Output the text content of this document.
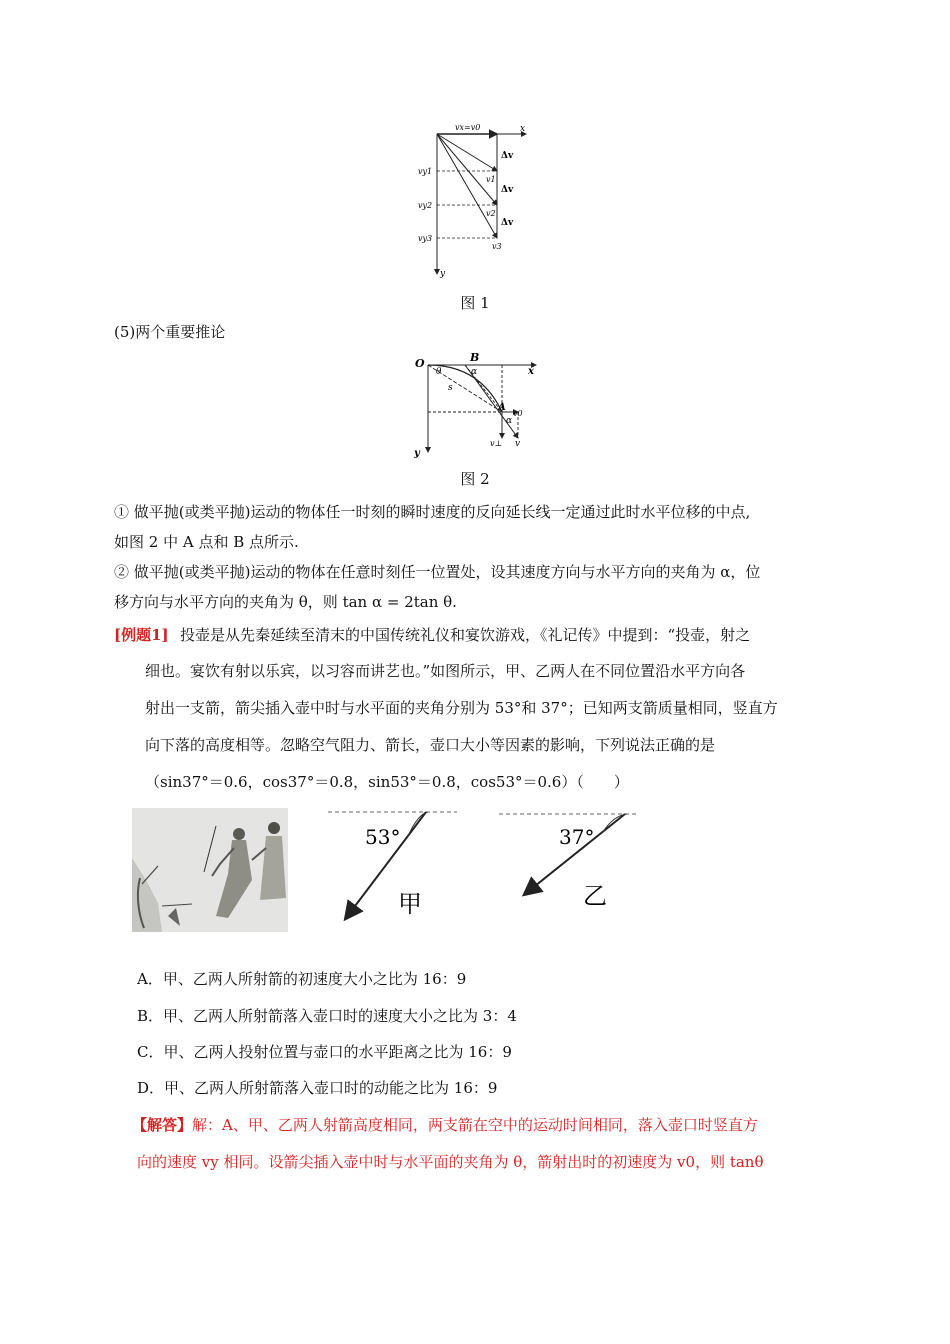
vx=v0	x
y
Δv
Δv
Δv
v1
v2
v3
vy1
vy2
vy3
图 1
(5)两个重要推论
O	B
x
y
θ	α
α
s
A
v0
v⊥ v
图 2
① 做平抛(或类平抛)运动的物体任一时刻的瞬时速度的反向延长线一定通过此时水平位移的中点,
如图 2 中 A 点和 B 点所示.
② 做平抛(或类平抛)运动的物体在任意时刻任一位置处，设其速度方向与水平方向的夹角为 α，位
移方向与水平方向的夹角为 θ，则 tan α = 2tan θ.
[例题1] 投壶是从先秦延续至清末的中国传统礼仪和宴饮游戏，《礼记传》中提到：“投壶，射之
细也。宴饮有射以乐宾，以习容而讲艺也。”如图所示，甲、乙两人在不同位置沿水平方向各
射出一支箭，箭尖插入壶中时与水平面的夹角分别为 53°和 37°；已知两支箭质量相同，竖直方
向下落的高度相等。忽略空气阻力、箭长，壶口大小等因素的影响，下列说法正确的是
（sin37°＝0.6，cos37°＝0.8，sin53°＝0.8，cos53°＝0.6）（　　）
53°
甲
37°
乙
A．甲、乙两人所射箭的初速度大小之比为 16：9
B．甲、乙两人所射箭落入壶口时的速度大小之比为 3：4
C．甲、乙两人投射位置与壶口的水平距离之比为 16：9
D．甲、乙两人所射箭落入壶口时的动能之比为 16：9
【解答】解：A、甲、乙两人射箭高度相同，两支箭在空中的运动时间相同，落入壶口时竖直方
向的速度 vy 相同。设箭尖插入壶中时与水平面的夹角为 θ，箭射出时的初速度为 v0，则 tanθ
